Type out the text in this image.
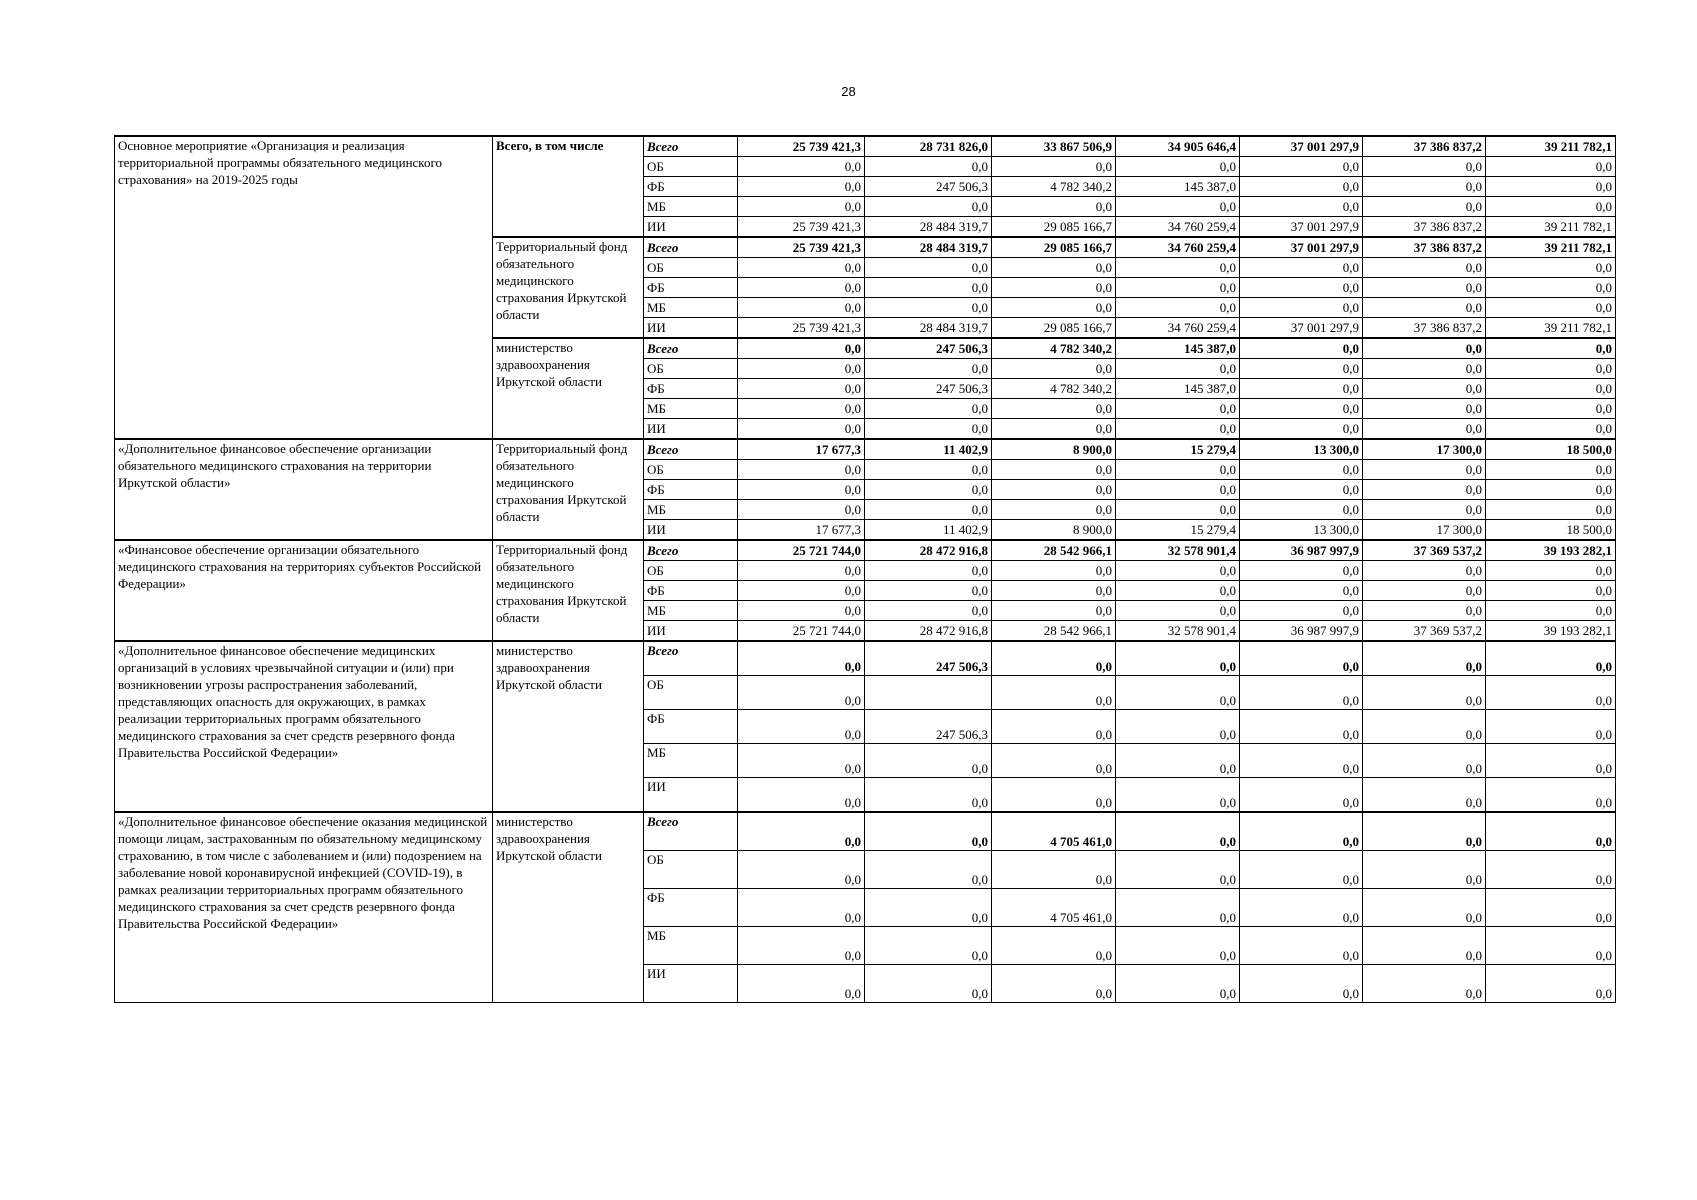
28
Основное мероприятие «Организация и реализация территориальной программы обязательного медицинского страхования» на 2019-2025 годы	Всего, в том числе	Всего	25 739 421,3	28 731 826,0	33 867 506,9	34 905 646,4	37 001 297,9	37 386 837,2	39 211 782,1
		ОБ	0,0	0,0	0,0	0,0	0,0	0,0	0,0
		ФБ	0,0	247 506,3	4 782 340,2	145 387,0	0,0	0,0	0,0
		МБ	0,0	0,0	0,0	0,0	0,0	0,0	0,0
		ИИ	25 739 421,3	28 484 319,7	29 085 166,7	34 760 259,4	37 001 297,9	37 386 837,2	39 211 782,1
	Территориальный фонд обязательного медицинского страхования Иркутской области	Всего	25 739 421,3	28 484 319,7	29 085 166,7	34 760 259,4	37 001 297,9	37 386 837,2	39 211 782,1
		ОБ	0,0	0,0	0,0	0,0	0,0	0,0	0,0
		ФБ	0,0	0,0	0,0	0,0	0,0	0,0	0,0
		МБ	0,0	0,0	0,0	0,0	0,0	0,0	0,0
		ИИ	25 739 421,3	28 484 319,7	29 085 166,7	34 760 259,4	37 001 297,9	37 386 837,2	39 211 782,1
	министерство здравоохранения Иркутской области	Всего	0,0	247 506,3	4 782 340,2	145 387,0	0,0	0,0	0,0
		ОБ	0,0	0,0	0,0	0,0	0,0	0,0	0,0
		ФБ	0,0	247 506,3	4 782 340,2	145 387,0	0,0	0,0	0,0
		МБ	0,0	0,0	0,0	0,0	0,0	0,0	0,0
		ИИ	0,0	0,0	0,0	0,0	0,0	0,0	0,0
«Дополнительное финансовое обеспечение организации обязательного медицинского страхования на территории Иркутской области»	Территориальный фонд обязательного медицинского страхования Иркутской области	Всего	17 677,3	11 402,9	8 900,0	15 279,4	13 300,0	17 300,0	18 500,0
		ОБ	0,0	0,0	0,0	0,0	0,0	0,0	0,0
		ФБ	0,0	0,0	0,0	0,0	0,0	0,0	0,0
		МБ	0,0	0,0	0,0	0,0	0,0	0,0	0,0
		ИИ	17 677,3	11 402,9	8 900,0	15 279,4	13 300,0	17 300,0	18 500,0
«Финансовое обеспечение организации обязательного медицинского страхования на территориях субъектов Российской Федерации»	Территориальный фонд обязательного медицинского страхования Иркутской области	Всего	25 721 744,0	28 472 916,8	28 542 966,1	32 578 901,4	36 987 997,9	37 369 537,2	39 193 282,1
		ОБ	0,0	0,0	0,0	0,0	0,0	0,0	0,0
		ФБ	0,0	0,0	0,0	0,0	0,0	0,0	0,0
		МБ	0,0	0,0	0,0	0,0	0,0	0,0	0,0
		ИИ	25 721 744,0	28 472 916,8	28 542 966,1	32 578 901,4	36 987 997,9	37 369 537,2	39 193 282,1
«Дополнительное финансовое обеспечение медицинских организаций в условиях чрезвычайной ситуации и (или) при возникновении угрозы распространения заболеваний, представляющих опасность для окружающих, в рамках реализации территориальных программ обязательного медицинского страхования за счет средств резервного фонда Правительства Российской Федерации»	министерство здравоохранения Иркутской области	Всего	0,0	247 506,3	0,0	0,0	0,0	0,0	0,0
		ОБ	0,0		0,0	0,0	0,0	0,0	0,0
		ФБ	0,0	247 506,3	0,0	0,0	0,0	0,0	0,0
		МБ	0,0	0,0	0,0	0,0	0,0	0,0	0,0
		ИИ	0,0	0,0	0,0	0,0	0,0	0,0	0,0
«Дополнительное финансовое обеспечение оказания медицинской помощи лицам, застрахованным по обязательному медицинскому страхованию, в том числе с заболеванием и (или) подозрением на заболевание новой коронавирусной инфекцией (COVID-19), в рамках реализации территориальных программ обязательного медицинского страхования за счет средств резервного фонда Правительства Российской Федерации»	министерство здравоохранения Иркутской области	Всего	0,0	0,0	4 705 461,0	0,0	0,0	0,0	0,0
		ОБ	0,0	0,0	0,0	0,0	0,0	0,0	0,0
		ФБ	0,0	0,0	4 705 461,0	0,0	0,0	0,0	0,0
		МБ	0,0	0,0	0,0	0,0	0,0	0,0	0,0
		ИИ	0,0	0,0	0,0	0,0	0,0	0,0	0,0
